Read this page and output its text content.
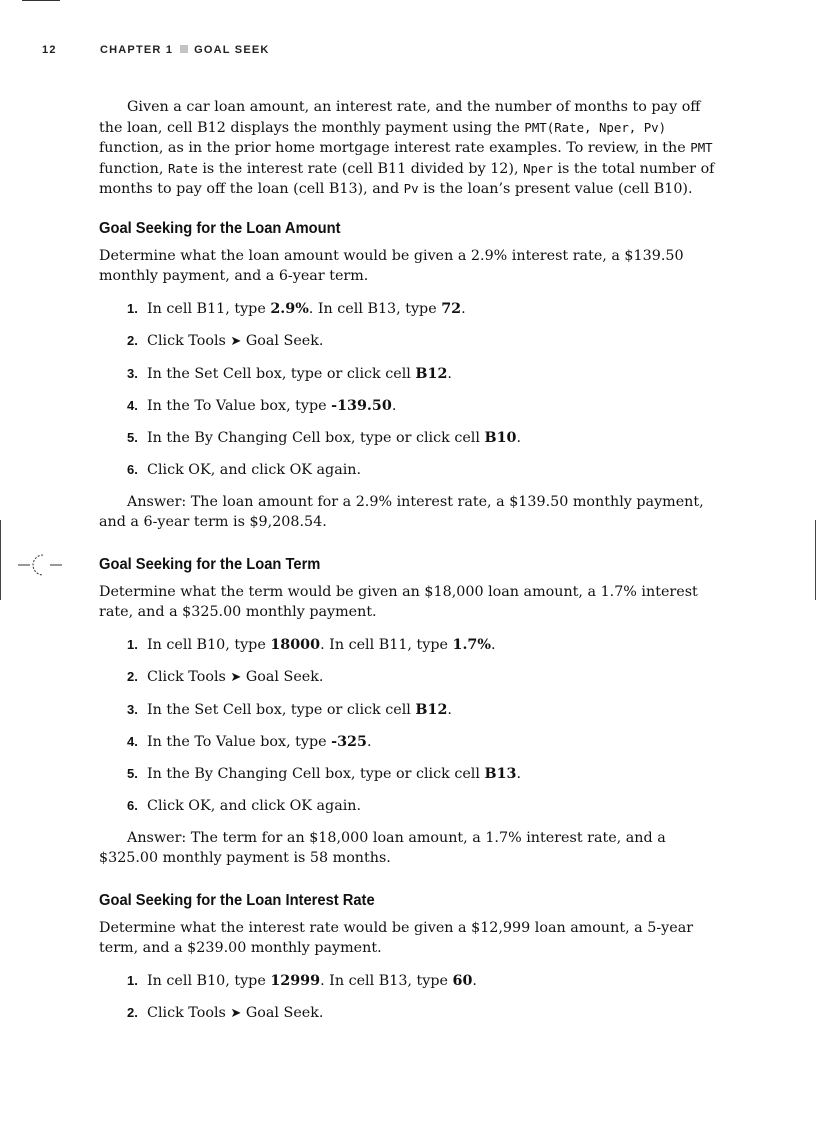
12	CHAPTER 1 GOAL SEEK

Given a car loan amount, an interest rate, and the number of months to pay off the loan, cell B12 displays the monthly payment using the PMT(Rate, Nper, Pv) function, as in the prior home mortgage interest rate examples. To review, in the PMT function, Rate is the interest rate (cell B11 divided by 12), Nper is the total number of months to pay off the loan (cell B13), and Pv is the loan’s present value (cell B10).

Goal Seeking for the Loan Amount

Determine what the loan amount would be given a 2.9% interest rate, a $139.50 monthly payment, and a 6-year term.

1. In cell B11, type 2.9%. In cell B13, type 72.
2. Click Tools ➤ Goal Seek.
3. In the Set Cell box, type or click cell B12.
4. In the To Value box, type -139.50.
5. In the By Changing Cell box, type or click cell B10.
6. Click OK, and click OK again.

Answer: The loan amount for a 2.9% interest rate, a $139.50 monthly payment, and a 6-year term is $9,208.54.

Goal Seeking for the Loan Term

Determine what the term would be given an $18,000 loan amount, a 1.7% interest rate, and a $325.00 monthly payment.

1. In cell B10, type 18000. In cell B11, type 1.7%.
2. Click Tools ➤ Goal Seek.
3. In the Set Cell box, type or click cell B12.
4. In the To Value box, type -325.
5. In the By Changing Cell box, type or click cell B13.
6. Click OK, and click OK again.

Answer: The term for an $18,000 loan amount, a 1.7% interest rate, and a $325.00 monthly payment is 58 months.

Goal Seeking for the Loan Interest Rate

Determine what the interest rate would be given a $12,999 loan amount, a 5-year term, and a $239.00 monthly payment.

1. In cell B10, type 12999. In cell B13, type 60.
2. Click Tools ➤ Goal Seek.
